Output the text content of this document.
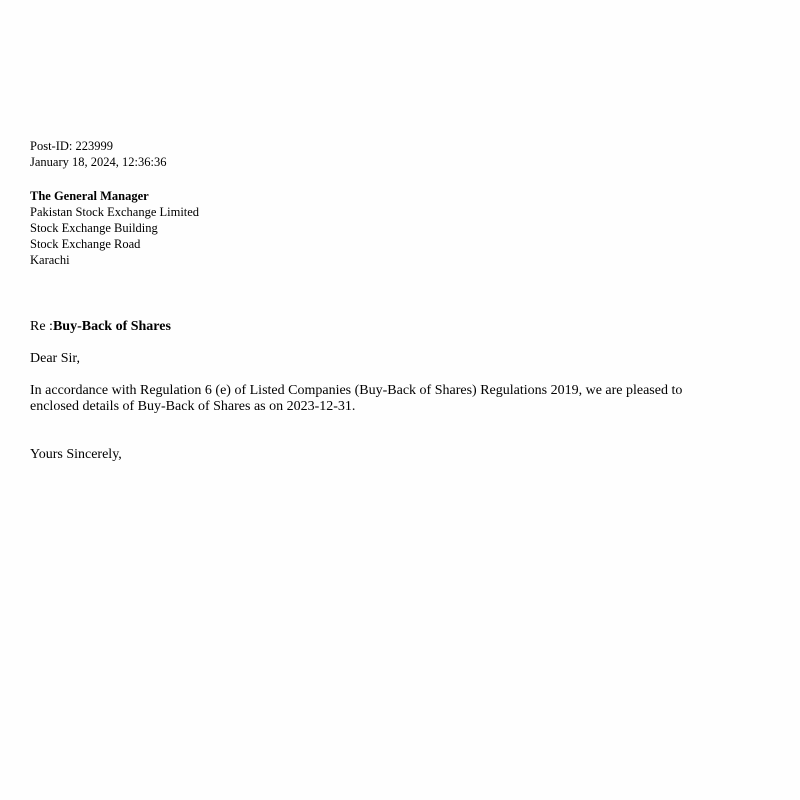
Post-ID: 223999
January 18, 2024, 12:36:36
The General Manager
Pakistan Stock Exchange Limited
Stock Exchange Building
Stock Exchange Road
Karachi
Re :Buy-Back of Shares
Dear Sir,
In accordance with Regulation 6 (e) of Listed Companies (Buy-Back of Shares) Regulations 2019, we are pleased to
enclosed details of Buy-Back of Shares as on 2023-12-31.
Yours Sincerely,
